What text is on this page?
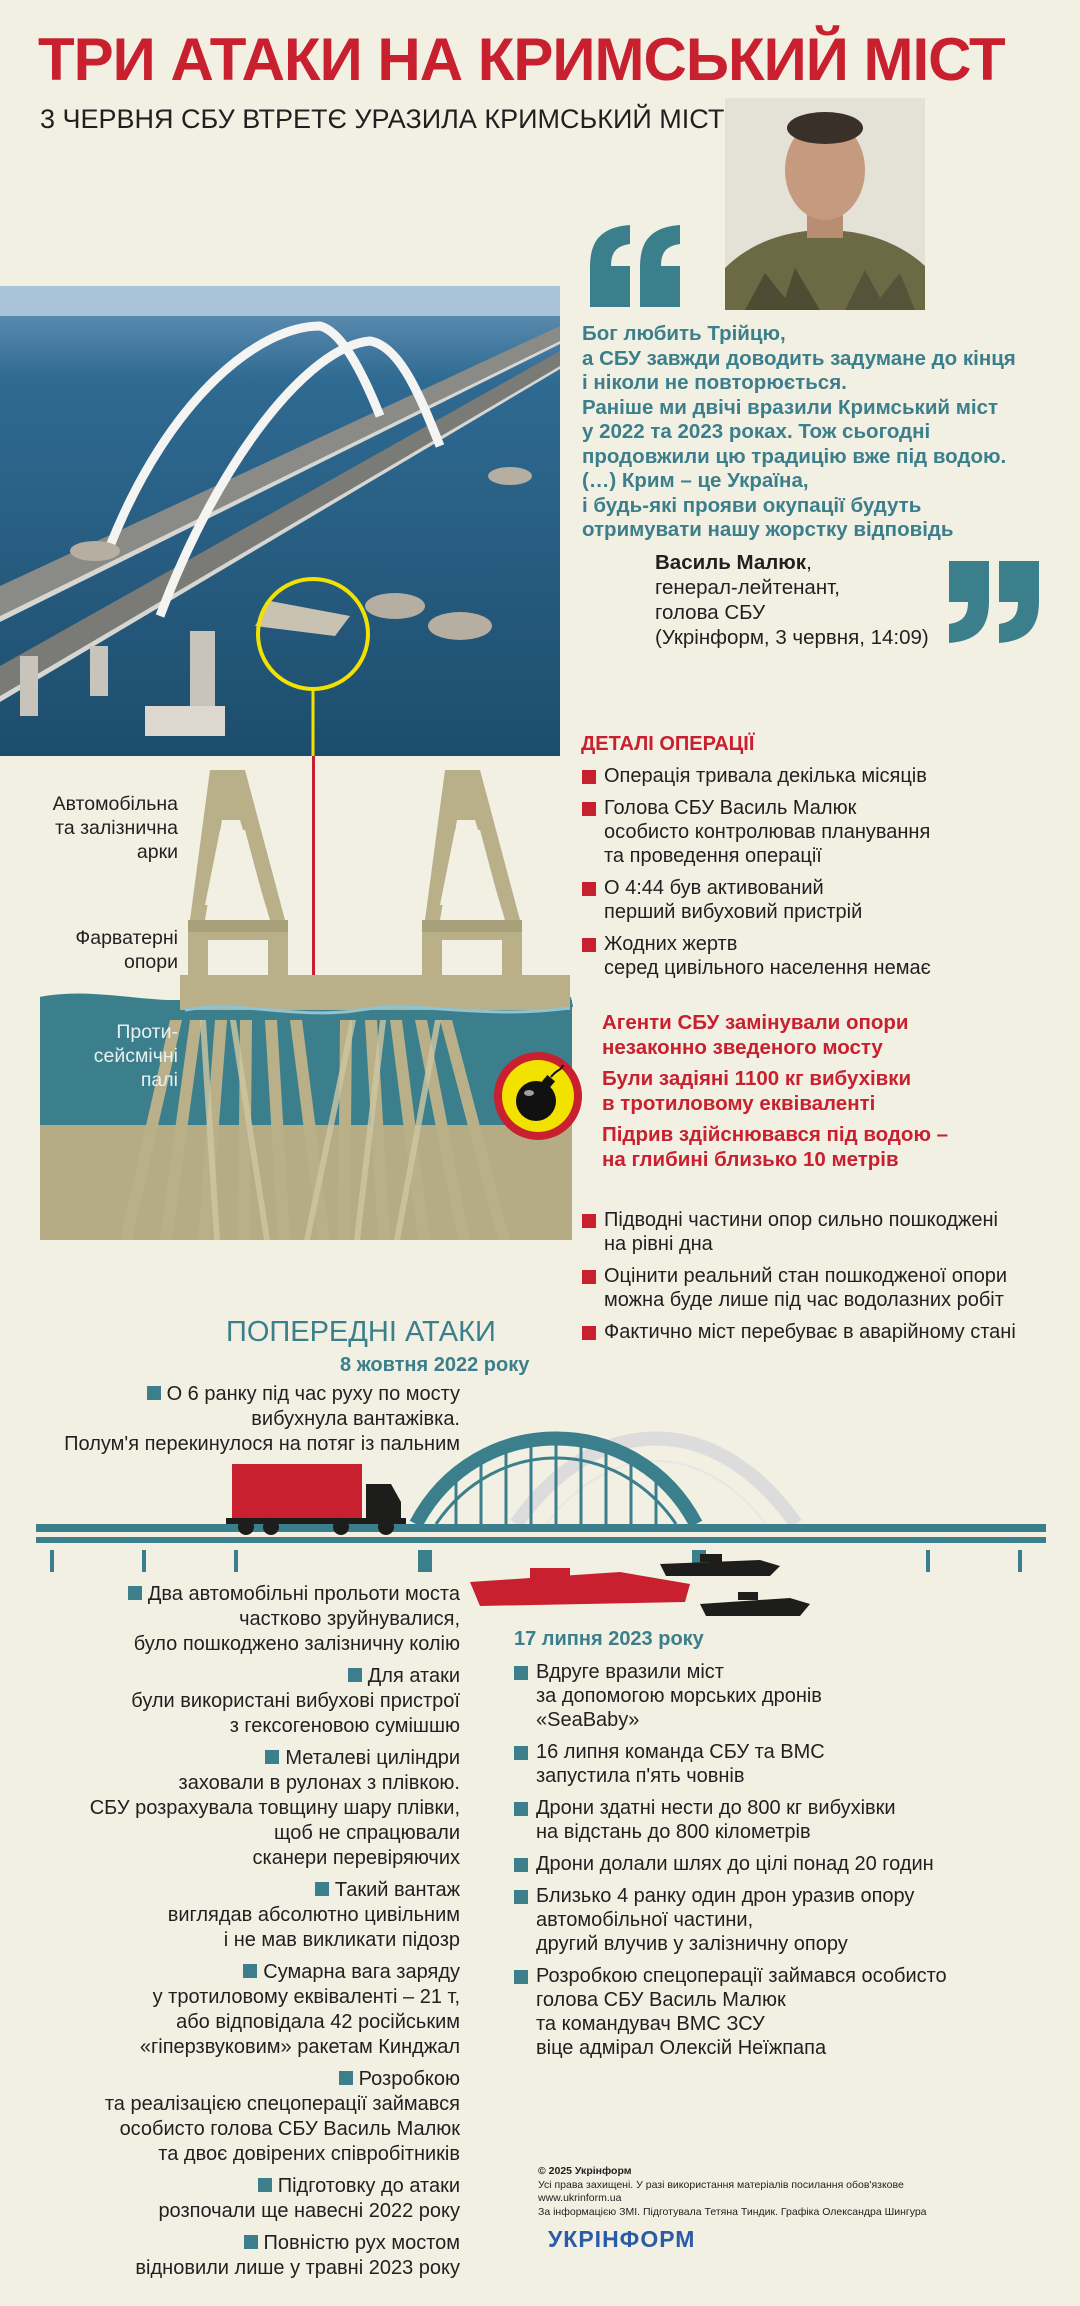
ТРИ АТАКИ НА КРИМСЬКИЙ МІСТ
3 ЧЕРВНЯ СБУ ВТРЕТЄ УРАЗИЛА КРИМСЬКИЙ МІСТ
Бог любить Трійцю,
а СБУ завжди доводить задумане до кінця
і ніколи не повторюється.
Раніше ми двічі вразили Кримський міст
у 2022 та 2023 роках. Тож сьогодні
продовжили цю традицію вже під водою.
(…) Крим – це Україна,
і будь-які прояви окупації будуть
отримувати нашу жорстку відповідь
Василь Малюк,
генерал-лейтенант,
голова СБУ
(Укрінформ, 3 червня, 14:09)
Автомобільна
та залізнична
арки
Фарватерні
опори
Проти-
сейсмічні
палі
ДЕТАЛІ ОПЕРАЦІЇ
Операція тривала декілька місяців
Голова СБУ Василь Малюк
особисто контролював планування
та проведення операції
О 4:44 був активований
перший вибуховий пристрій
Жодних жертв
серед цивільного населення немає
Агенти СБУ замінували опори
незаконно зведеного мосту
Були задіяні 1100 кг вибухівки
в тротиловому еквіваленті
Підрив здійснювався під водою –
на глибині близько 10 метрів
Підводні частини опор сильно пошкоджені
на рівні дна
Оцінити реальний стан пошкодженої опори
можна буде лише під час водолазних робіт
Фактично міст перебуває в аварійному стані
ПОПЕРЕДНІ АТАКИ
8 жовтня 2022 року
О 6 ранку під час руху по мосту
вибухнула вантажівка.
Полум'я перекинулося на потяг із пальним
Два автомобільні прольоти моста
частково зруйнувалися,
було пошкоджено залізничну колію
Для атаки
були використані вибухові пристрої
з гексогеновою сумішшю
Металеві циліндри
заховали в рулонах з плівкою.
СБУ розрахувала товщину шару плівки,
щоб не спрацювали
сканери перевіряючих
Такий вантаж
виглядав абсолютно цивільним
і не мав викликати підозр
Сумарна вага заряду
у тротиловому еквіваленті – 21 т,
або відповідала 42 російським
«гіперзвуковим» ракетам Кинджал
Розробкою
та реалізацією спецоперації займався
особисто голова СБУ Василь Малюк
та двоє довірених співробітників
Підготовку до атаки
розпочали ще навесні 2022 року
Повністю рух мостом
відновили лише у травні 2023 року
17 липня 2023 року
Вдруге вразили міст
за допомогою морських дронів
«SeaBaby»
16 липня команда СБУ та ВМС
запустила п'ять човнів
Дрони здатні нести до 800 кг вибухівки
на відстань до 800 кілометрів
Дрони долали шлях до цілі понад 20 годин
Близько 4 ранку один дрон уразив опору
автомобільної частини,
другий влучив у залізничну опору
Розробкою спецоперації займався особисто
голова СБУ Василь Малюк
та командувач ВМС ЗСУ
віце адмірал Олексій Неїжпапа
© 2025 Укрінформ
Усі права захищені. У разі використання матеріалів посилання обов'язкове
www.ukrinform.ua
За інформацією ЗМІ. Підготувала Тетяна Тиндик. Графіка Олександра Шингура
УКРІНФОРМ
